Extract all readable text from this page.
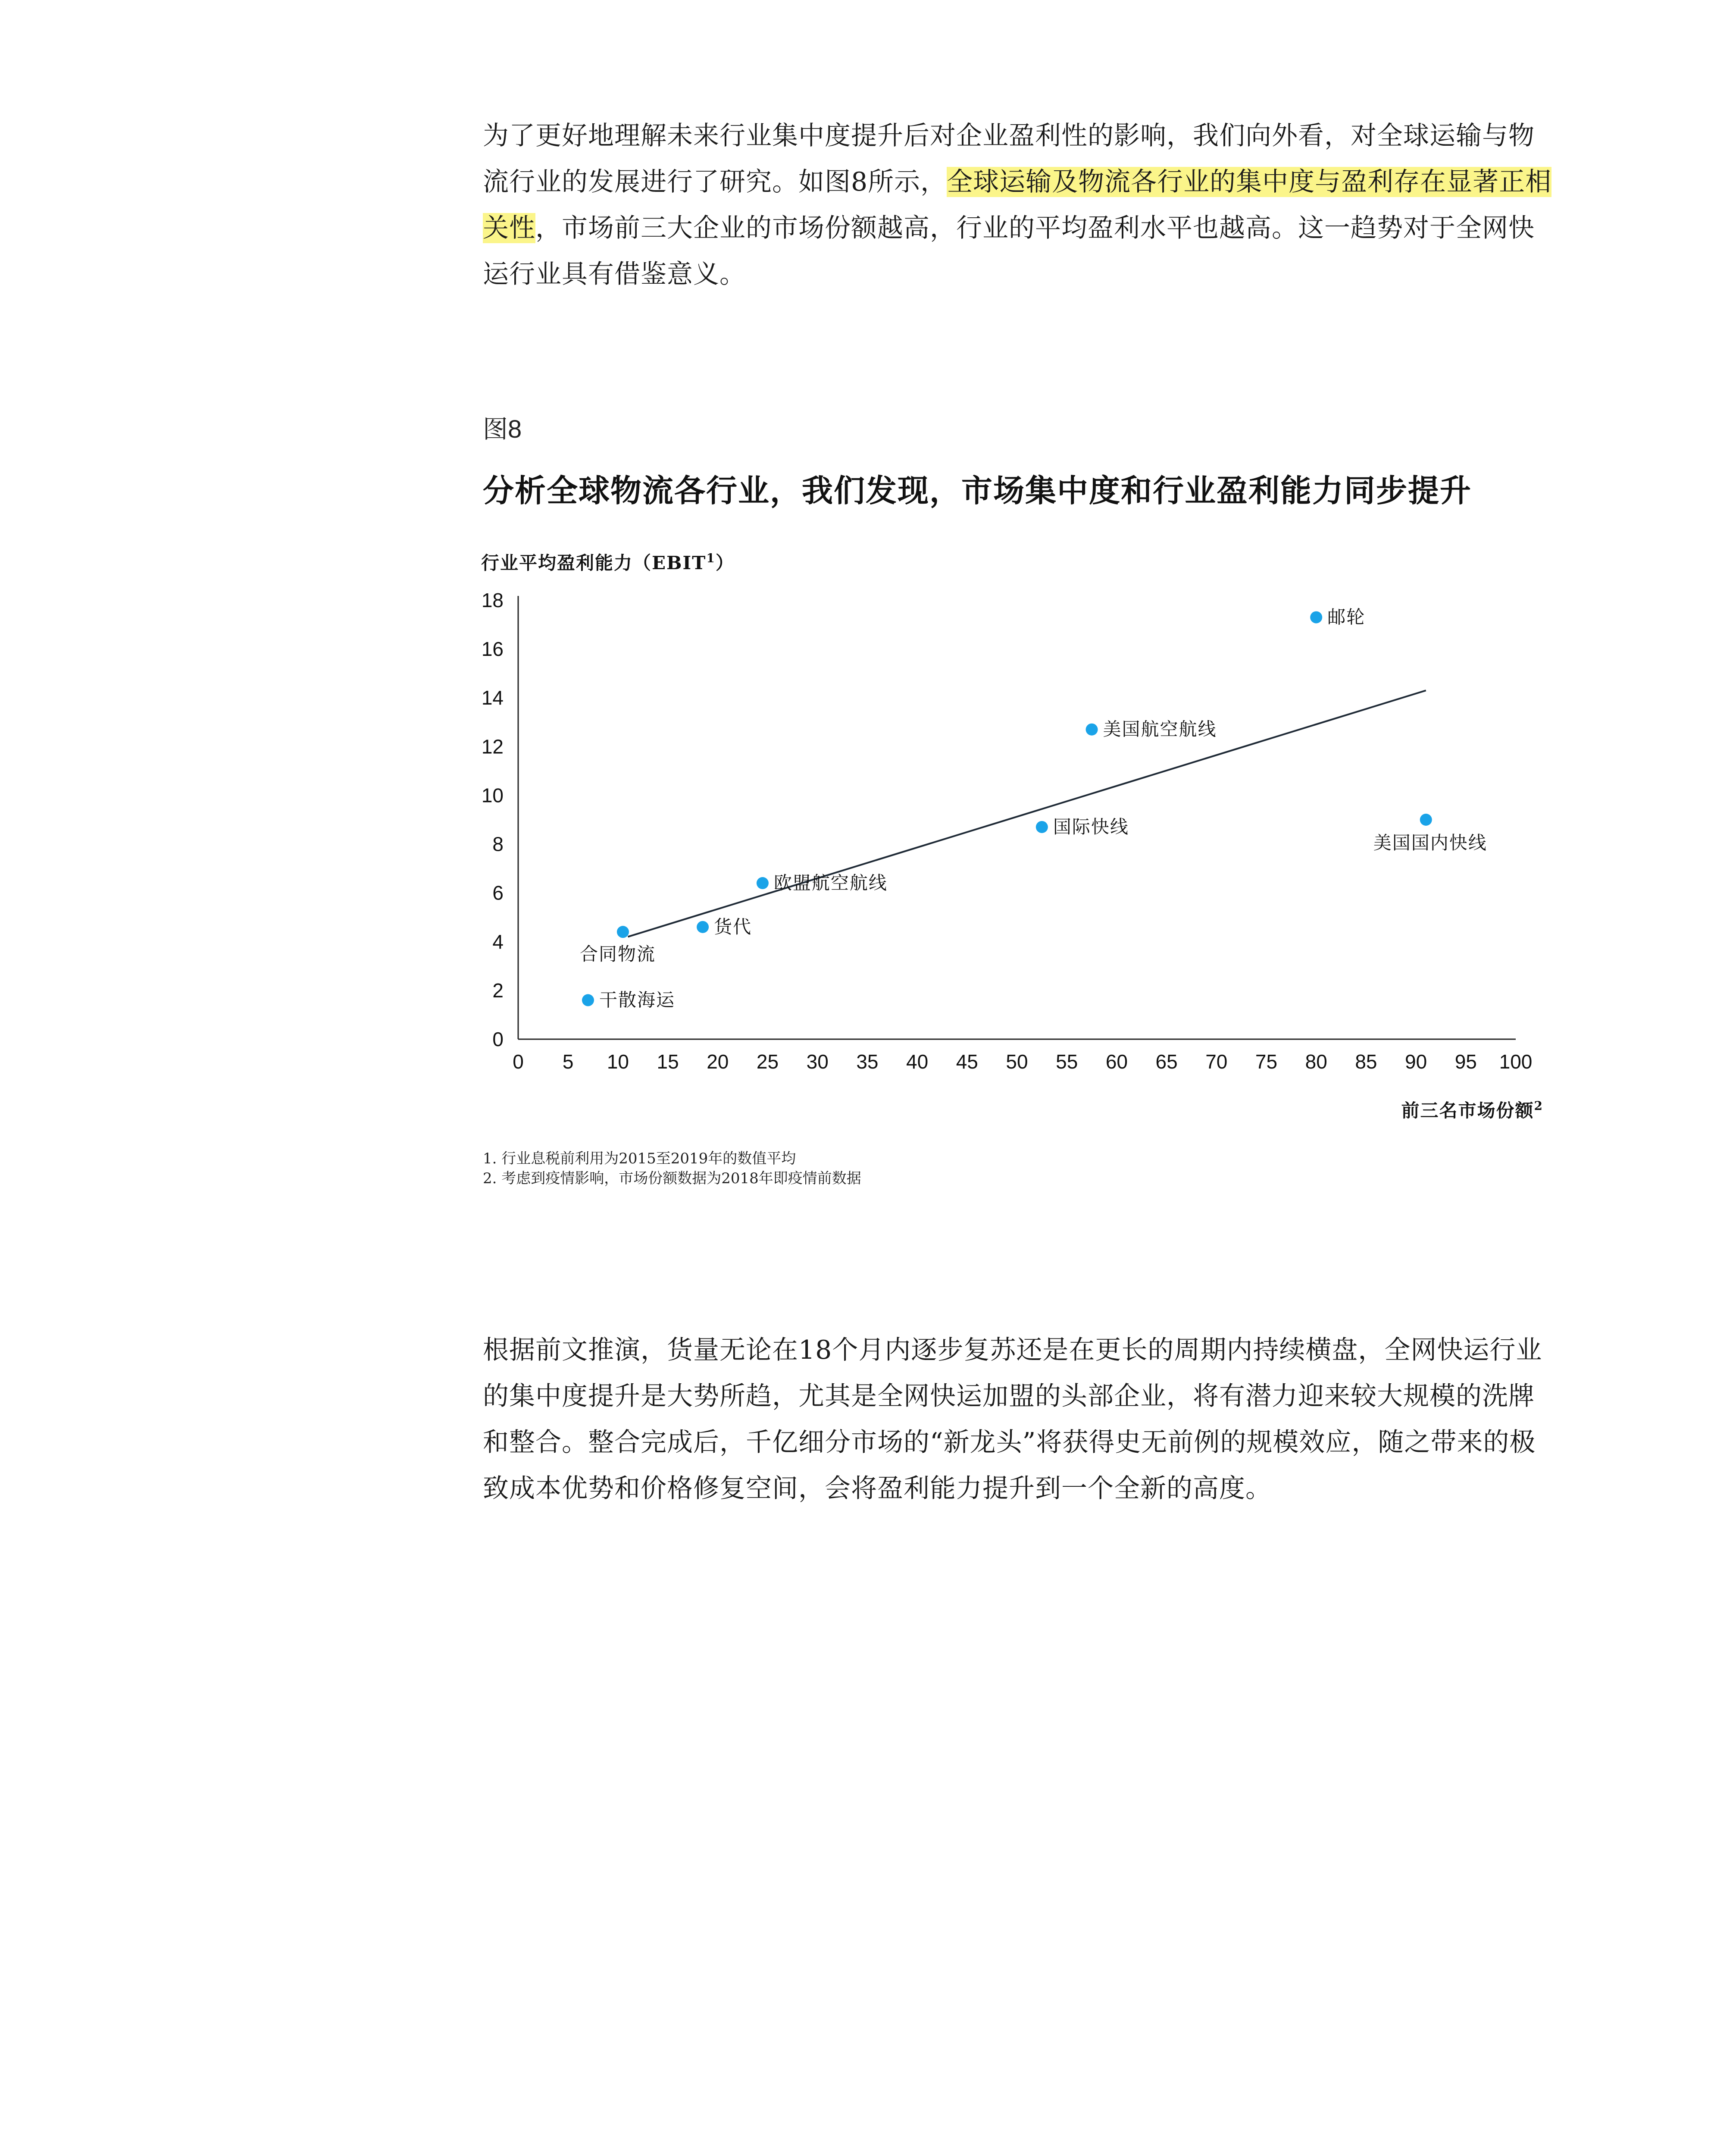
为了更好地理解未来行业集中度提升后对企业盈利性的影响，我们向外看，对全球运输与物流行业的发展进行了研究。如图8所示，全球运输及物流各行业的集中度与盈利存在显著正相关性，市场前三大企业的市场份额越高，行业的平均盈利水平也越高。这一趋势对于全网快运行业具有借鉴意义。

图8
分析全球物流各行业，我们发现，市场集中度和行业盈利能力同步提升
行业平均盈利能力（EBIT$^1$）
0
2
4
6
8
10
12
14
16
18
0 5 10 15 20 25 30 35 40 45 50 55 60 65 70 75 80 85 90 95 100
邮轮
美国航空航线
国际快线
美国国内快线
欧盟航空航线
货代
合同物流
干散海运
前三名市场份额$^2$
1. 行业息税前利用为2015至2019年的数值平均
2. 考虑到疫情影响，市场份额数据为2018年即疫情前数据

根据前文推演，货量无论在18个月内逐步复苏还是在更长的周期内持续横盘，全网快运行业的集中度提升是大势所趋，尤其是全网快运加盟的头部企业，将有潜力迎来较大规模的洗牌和整合。整合完成后，千亿细分市场的“新龙头”将获得史无前例的规模效应，随之带来的极致成本优势和价格修复空间，会将盈利能力提升到一个全新的高度。
